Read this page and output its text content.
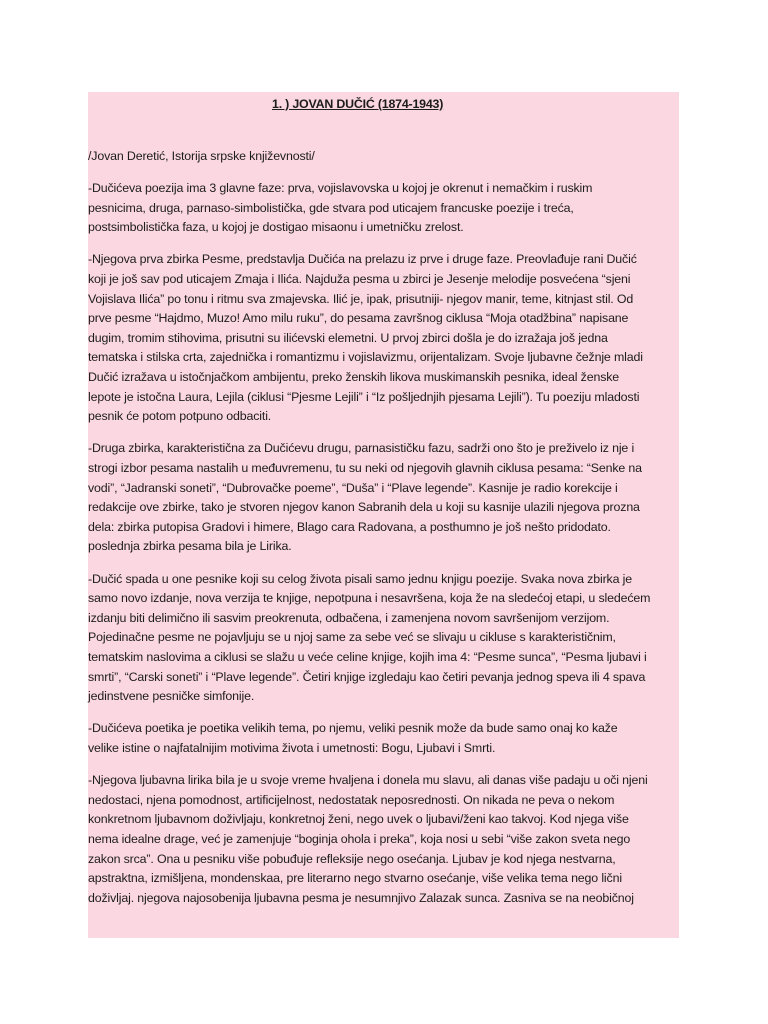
1. ) JOVAN DUČIĆ (1874-1943)
/Jovan Deretić, Istorija srpske književnosti/
-Dučićeva poezija ima 3 glavne faze: prva, vojislavovska u kojoj je okrenut i nemačkim i ruskim
pesnicima, druga, parnaso-simbolistička, gde stvara pod uticajem francuske poezije i treća,
postsimbolistička faza, u kojoj je dostigao misaonu i umetničku zrelost.
-Njegova prva zbirka Pesme, predstavlja Dučića na prelazu iz prve i druge faze. Preovlađuje rani Dučić
koji je još sav pod uticajem Zmaja i Ilića. Najduža pesma u zbirci je Jesenje melodije posvećena “sjeni
Vojislava Ilića” po tonu i ritmu sva zmajevska. Ilić je, ipak, prisutniji- njegov manir, teme, kitnjast stil. Od
prve pesme “Hajdmo, Muzo! Amo milu ruku”, do pesama završnog ciklusa “Moja otadžbina” napisane
dugim, tromim stihovima, prisutni su ilićevski elemetni. U prvoj zbirci došla je do izražaja još jedna
tematska i stilska crta, zajednička i romantizmu i vojislavizmu, orijentalizam. Svoje ljubavne čežnje mladi
Dučić izražava u istočnjačkom ambijentu, preko ženskih likova muskimanskih pesnika, ideal ženske
lepote je istočna Laura, Lejila (ciklusi “Pjesme Lejili” i “Iz pošljednjih pjesama Lejili”). Tu poeziju mladosti
pesnik će potom potpuno odbaciti.
-Druga zbirka, karakteristična za Dučićevu drugu, parnasističku fazu, sadrži ono što je preživelo iz nje i
strogi izbor pesama nastalih u međuvremenu, tu su neki od njegovih glavnih ciklusa pesama: “Senke na
vodi”, “Jadranski soneti”, “Dubrovačke poeme”, “Duša” i “Plave legende”. Kasnije je radio korekcije i
redakcije ove zbirke, tako je stvoren njegov kanon Sabranih dela u koji su kasnije ulazili njegova prozna
dela: zbirka putopisa Gradovi i himere, Blago cara Radovana, a posthumno je još nešto pridodato.
poslednja zbirka pesama bila je Lirika.
-Dučić spada u one pesnike koji su celog života pisali samo jednu knjigu poezije. Svaka nova zbirka je
samo novo izdanje, nova verzija te knjige, nepotpuna i nesavršena, koja že na sledećoj etapi, u sledećem
izdanju biti delimično ili sasvim preokrenuta, odbačena, i zamenjena novom savršenijom verzijom.
Pojedinačne pesme ne pojavljuju se u njoj same za sebe već se slivaju u cikluse s karakterističnim,
tematskim naslovima a ciklusi se slažu u veće celine knjige, kojih ima 4: “Pesme sunca”, “Pesma ljubavi i
smrti”, “Carski soneti” i “Plave legende”. Četiri knjige izgledaju kao četiri pevanja jednog speva ili 4 spava
jedinstvene pesničke simfonije.
-Dučićeva poetika je poetika velikih tema, po njemu, veliki pesnik može da bude samo onaj ko kaže
velike istine o najfatalnijim motivima života i umetnosti: Bogu, Ljubavi i Smrti.
-Njegova ljubavna lirika bila je u svoje vreme hvaljena i donela mu slavu, ali danas više padaju u oči njeni
nedostaci, njena pomodnost, artificijelnost, nedostatak neposrednosti. On nikada ne peva o nekom
konkretnom ljubavnom doživljaju, konkretnoj ženi, nego uvek o ljubavi/ženi kao takvoj. Kod njega više
nema idealne drage, već je zamenjuje “boginja ohola i preka”, koja nosi u sebi “više zakon sveta nego
zakon srca”. Ona u pesniku više pobuđuje refleksije nego osećanja. Ljubav je kod njega nestvarna,
apstraktna, izmišljena, mondenskaa, pre literarno nego stvarno osećanje, više velika tema nego lični
doživljaj. njegova najosobenija ljubavna pesma je nesumnjivo Zalazak sunca. Zasniva se na neobičnoj
